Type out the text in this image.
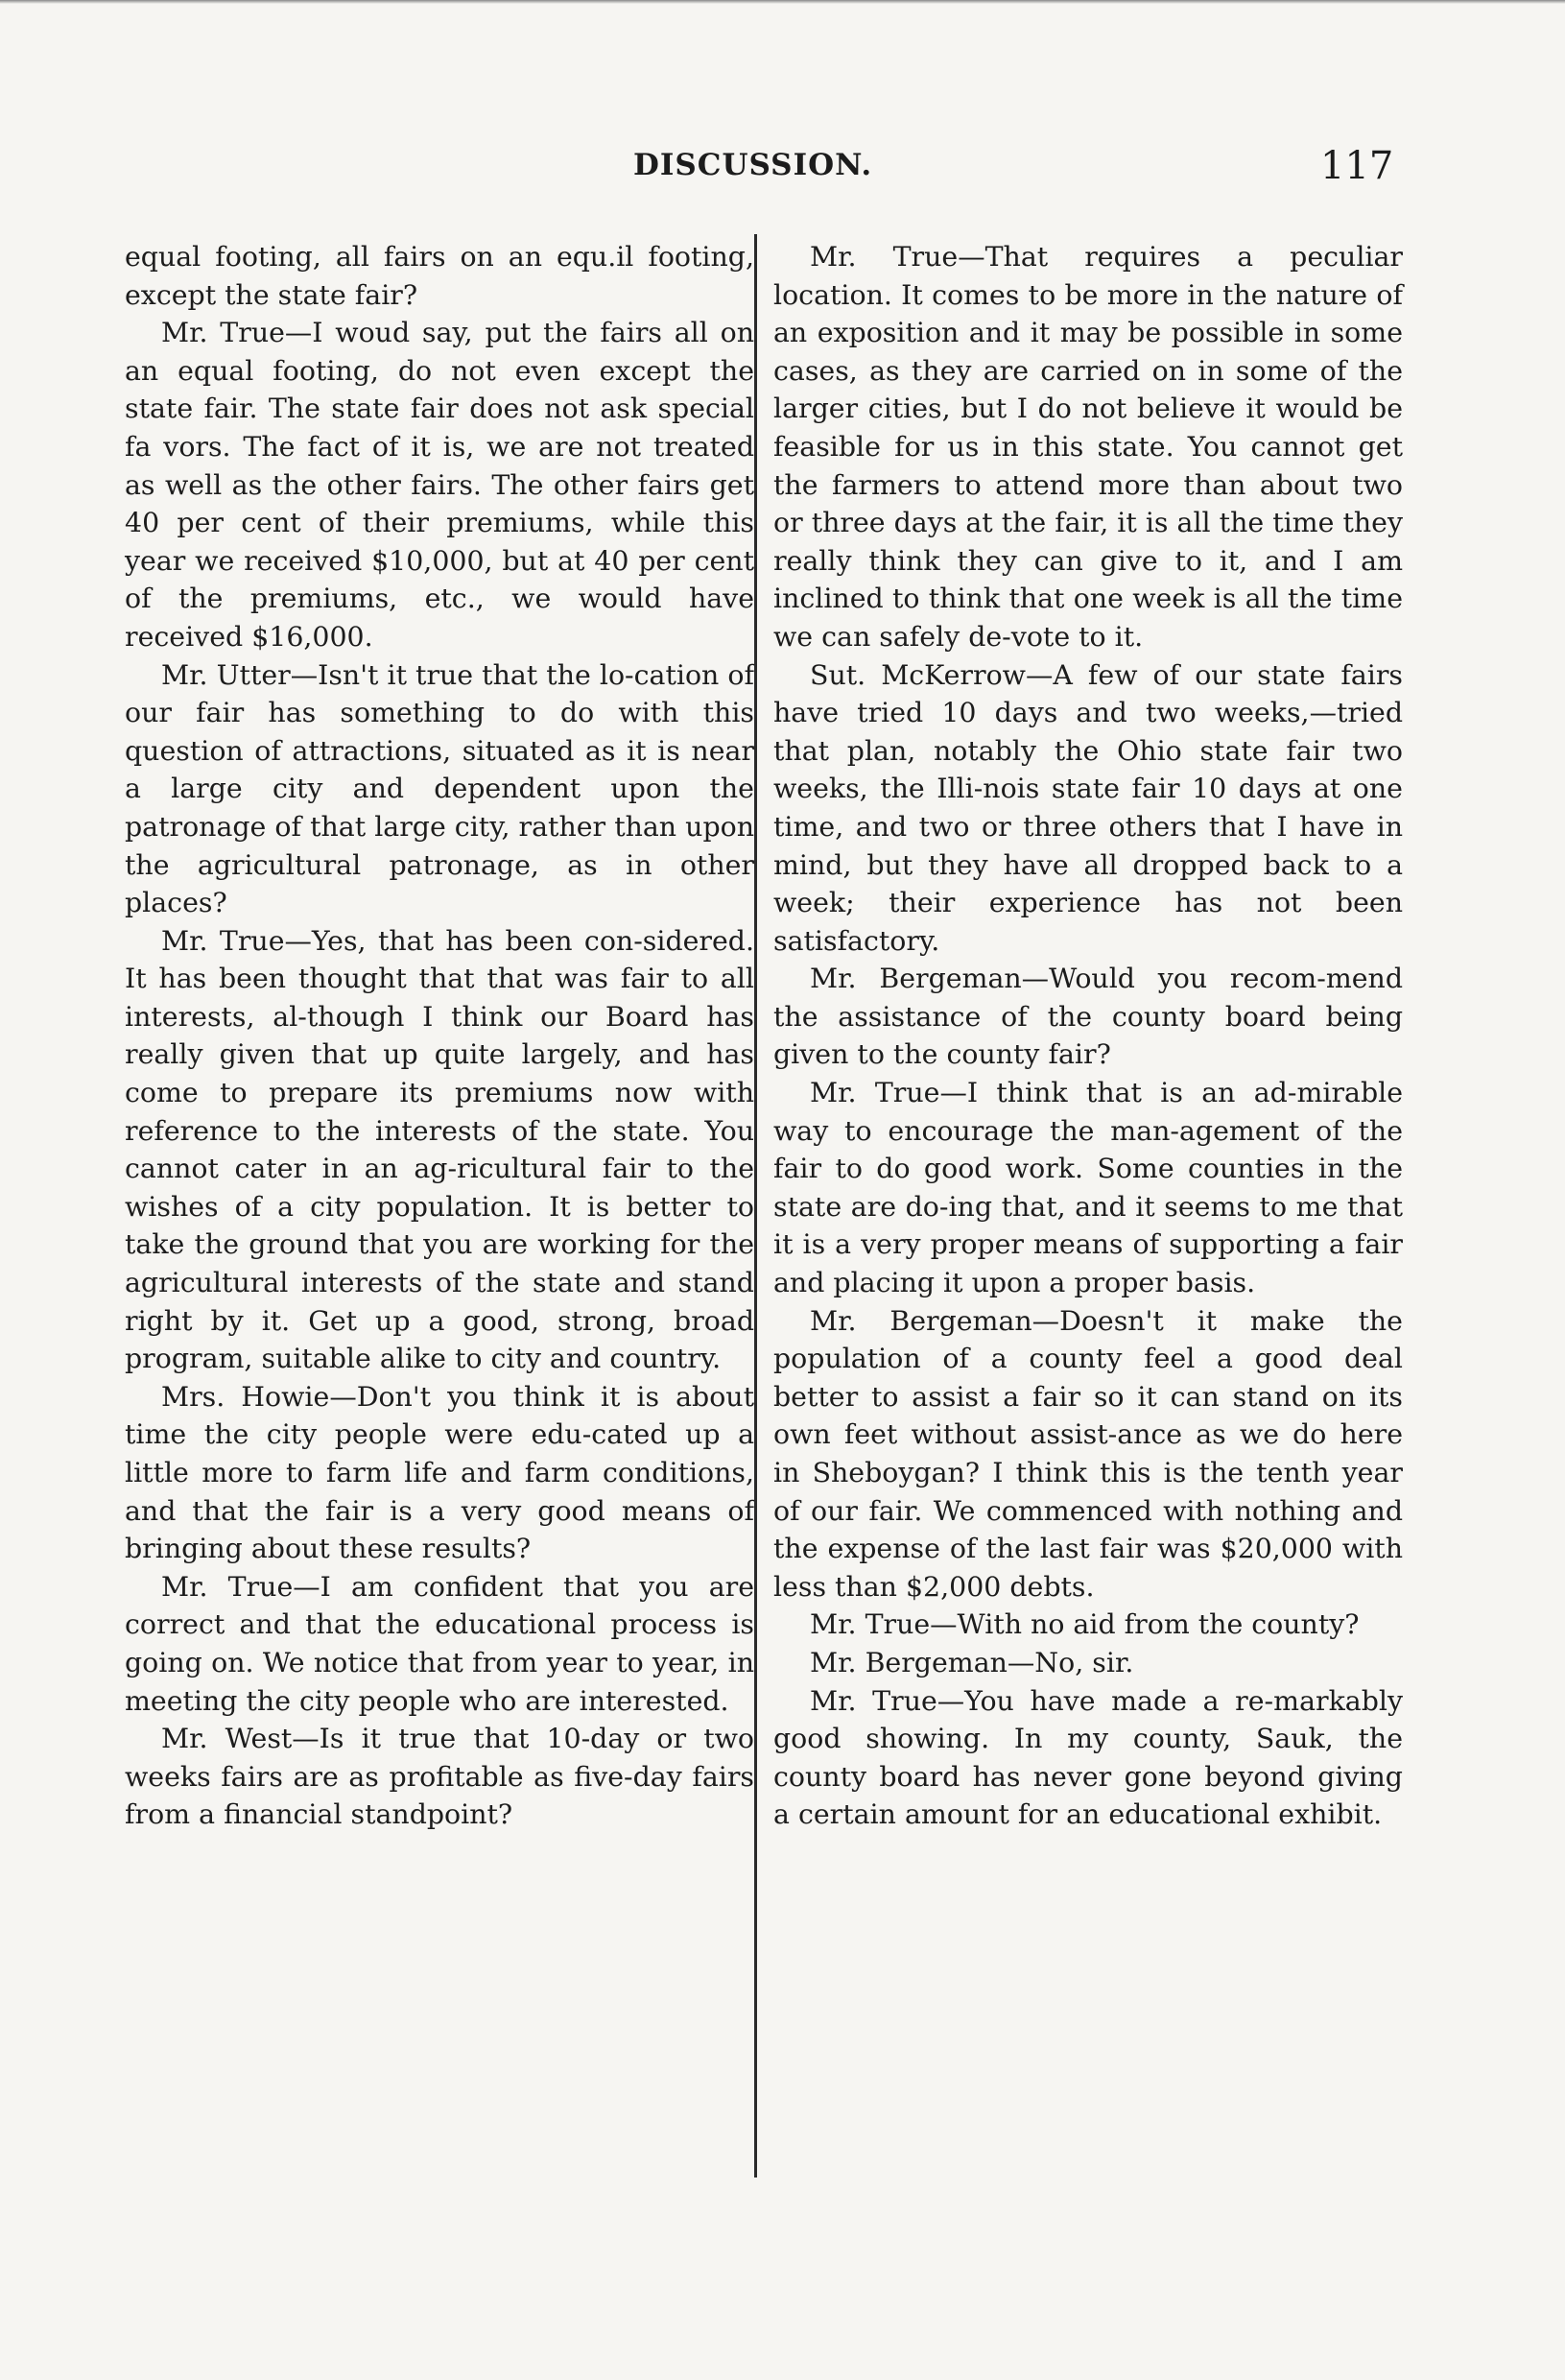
DISCUSSION.	117

equal footing, all fairs on an equ.il footing, except the state fair?

Mr. True—I woud say, put the fairs all on an equal footing, do not even except the state fair. The state fair does not ask special fa vors. The fact of it is, we are not treated as well as the other fairs. The other fairs get 40 per cent of their premiums, while this year we received $10,000, but at 40 per cent of the premiums, etc., we would have received $16,000.

Mr. Utter—Isn't it true that the lo-cation of our fair has something to do with this question of attractions, situated as it is near a large city and dependent upon the patronage of that large city, rather than upon the agricultural patronage, as in other places?

Mr. True—Yes, that has been con-sidered. It has been thought that that was fair to all interests, al-though I think our Board has really given that up quite largely, and has come to prepare its premiums now with reference to the interests of the state. You cannot cater in an ag-ricultural fair to the wishes of a city population. It is better to take the ground that you are working for the agricultural interests of the state and stand right by it. Get up a good, strong, broad program, suitable alike to city and country.

Mrs. Howie—Don't you think it is about time the city people were edu-cated up a little more to farm life and farm conditions, and that the fair is a very good means of bringing about these results?

Mr. True—I am confident that you are correct and that the educational process is going on. We notice that from year to year, in meeting the city people who are interested.

Mr. West—Is it true that 10-day or two weeks fairs are as profitable as five-day fairs from a financial standpoint?

Mr. True—That requires a peculiar location. It comes to be more in the nature of an exposition and it may be possible in some cases, as they are carried on in some of the larger cities, but I do not believe it would be feasible for us in this state. You cannot get the farmers to attend more than about two or three days at the fair, it is all the time they really think they can give to it, and I am inclined to think that one week is all the time we can safely de-vote to it.

Sut. McKerrow—A few of our state fairs have tried 10 days and two weeks,—tried that plan, notably the Ohio state fair two weeks, the Illi-nois state fair 10 days at one time, and two or three others that I have in mind, but they have all dropped back to a week; their experience has not been satisfactory.

Mr. Bergeman—Would you recom-mend the assistance of the county board being given to the county fair?

Mr. True—I think that is an ad-mirable way to encourage the man-agement of the fair to do good work. Some counties in the state are do-ing that, and it seems to me that it is a very proper means of supporting a fair and placing it upon a proper basis.

Mr. Bergeman—Doesn't it make the population of a county feel a good deal better to assist a fair so it can stand on its own feet without assist-ance as we do here in Sheboygan? I think this is the tenth year of our fair. We commenced with nothing and the expense of the last fair was $20,000 with less than $2,000 debts.

Mr. True—With no aid from the county?

Mr. Bergeman—No, sir.

Mr. True—You have made a re-markably good showing. In my county, Sauk, the county board has never gone beyond giving a certain amount for an educational exhibit.
